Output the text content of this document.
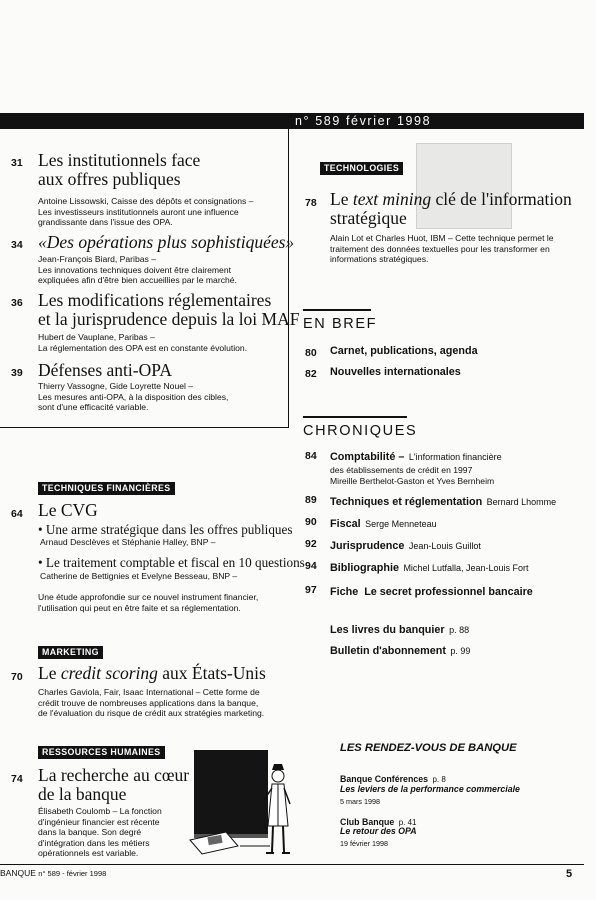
n° 589 février 1998
31 Les institutionnels face
aux offres publiques
Antoine Lissowski, Caisse des dépôts et consignations –
Les investisseurs institutionnels auront une influence
grandissante dans l'issue des OPA.
34 «Des opérations plus sophistiquées»
Jean-François Biard, Paribas –
Les innovations techniques doivent être clairement
expliquées afin d'être bien accueillies par le marché.
36 Les modifications réglementaires
et la jurisprudence depuis la loi MAF
Hubert de Vauplane, Paribas –
La réglementation des OPA est en constante évolution.
39 Défenses anti-OPA
Thierry Vassogne, Gide Loyrette Nouel –
Les mesures anti-OPA, à la disposition des cibles,
sont d'une efficacité variable.
TECHNIQUES FINANCIÈRES
64 Le CVG
• Une arme stratégique dans les offres publiques
Arnaud Desclèves et Stéphanie Halley, BNP –
• Le traitement comptable et fiscal en 10 questions
Catherine de Bettignies et Evelyne Besseau, BNP –
Une étude approfondie sur ce nouvel instrument financier,
l'utilisation qui peut en être faite et sa réglementation.
MARKETING
70 Le credit scoring aux États-Unis
Charles Gaviola, Fair, Isaac International – Cette forme de
crédit trouve de nombreuses applications dans la banque,
de l'évaluation du risque de crédit aux stratégies marketing.
RESSOURCES HUMAINES
74 La recherche au cœur
de la banque
Élisabeth Coulomb – La fonction
d'ingénieur financier est récente
dans la banque. Son degré
d'intégration dans les métiers
opérationnels est variable.
TECHNOLOGIES
78 Le text mining clé de l'information
stratégique
Alain Lot et Charles Huot, IBM – Cette technique permet le
traitement des données textuelles pour les transformer en
informations stratégiques.
EN BREF
80	Carnet, publications, agenda
82	Nouvelles internationales
CHRONIQUES
84	Comptabilité – L'information financière
des établissements de crédit en 1997
Mireille Berthelot-Gaston et Yves Bernheim
89	Techniques et réglementation Bernard Lhomme
90	Fiscal Serge Menneteau
92	Jurisprudence Jean-Louis Guillot
94	Bibliographie Michel Lutfalla, Jean-Louis Fort
97	Fiche  Le secret professionnel bancaire
Les livres du banquier p. 88
Bulletin d'abonnement p. 99
LES RENDEZ-VOUS DE BANQUE
Banque Conférences p. 8
Les leviers de la performance commerciale
5 mars 1998
Club Banque p. 41
Le retour des OPA
19 février 1998
BANQUE n° 589 - février 1998	5
